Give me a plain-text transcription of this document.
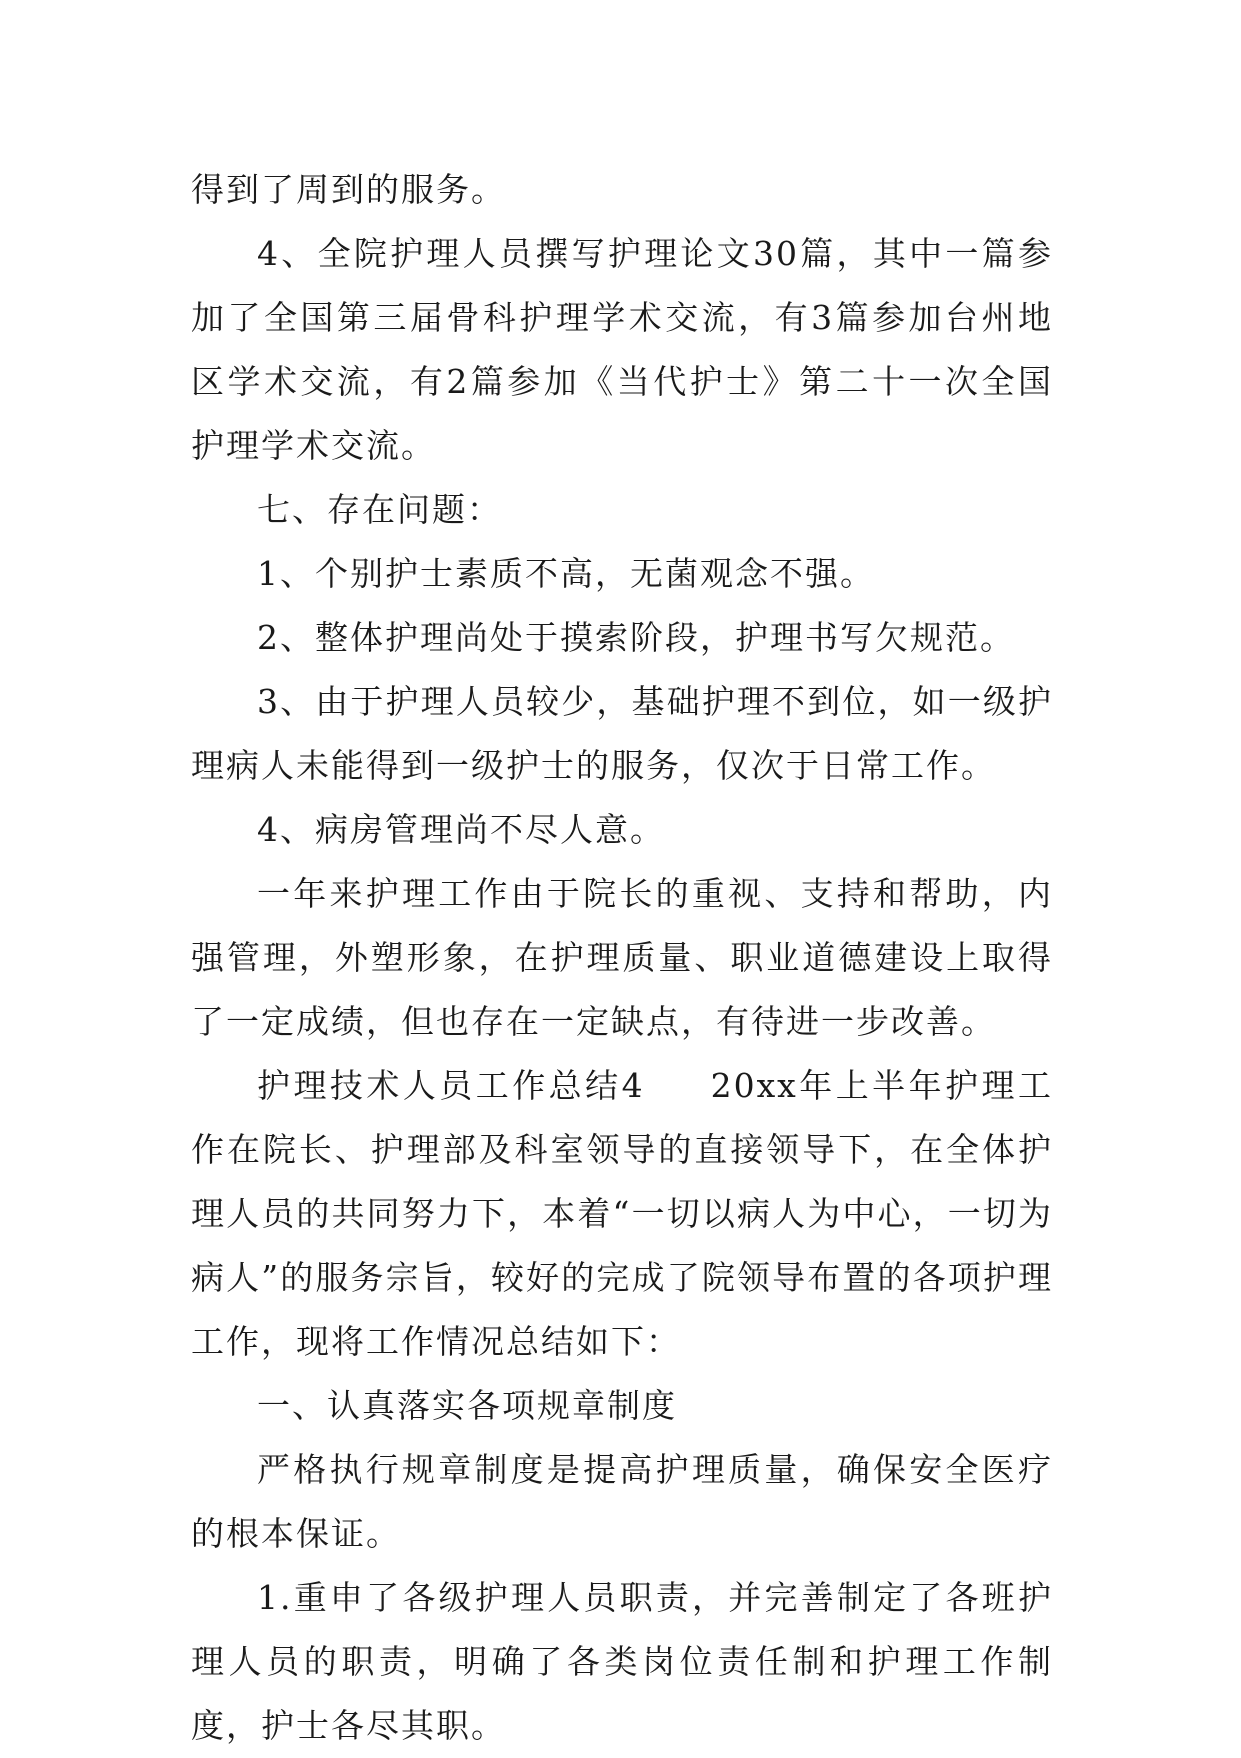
得到了周到的服务。

4、全院护理人员撰写护理论文30篇，其中一篇参加了全国第三届骨科护理学术交流，有3篇参加台州地区学术交流，有2篇参加《当代护士》第二十一次全国护理学术交流。

七、存在问题：

1、个别护士素质不高，无菌观念不强。

2、整体护理尚处于摸索阶段，护理书写欠规范。

3、由于护理人员较少，基础护理不到位，如一级护理病人未能得到一级护士的服务，仅次于日常工作。

4、病房管理尚不尽人意。

一年来护理工作由于院长的重视、支持和帮助，内强管理，外塑形象，在护理质量、职业道德建设上取得了一定成绩，但也存在一定缺点，有待进一步改善。

护理技术人员工作总结4 20xx年上半年护理工作在院长、护理部及科室领导的直接领导下，在全体护理人员的共同努力下，本着“一切以病人为中心，一切为病人”的服务宗旨，较好的完成了院领导布置的各项护理工作，现将工作情况总结如下：

一、认真落实各项规章制度

严格执行规章制度是提高护理质量，确保安全医疗的根本保证。

1.重申了各级护理人员职责，并完善制定了各班护理人员的职责，明确了各类岗位责任制和护理工作制度，护士各尽其职。
